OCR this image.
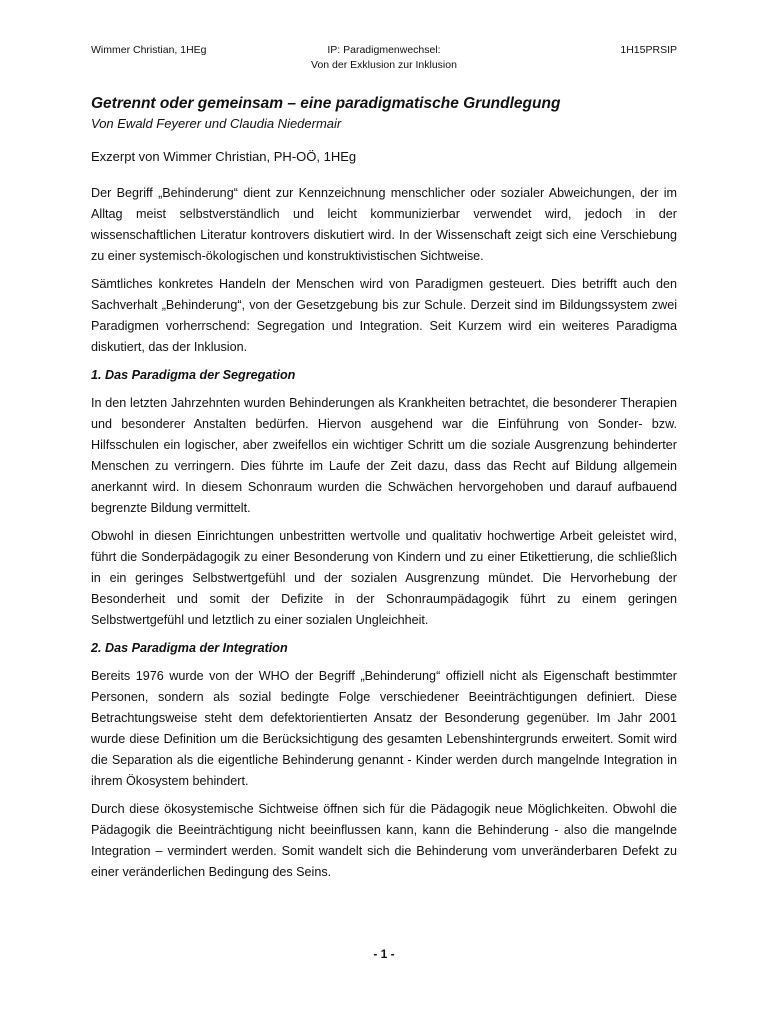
Wimmer Christian, 1HEg	IP: Paradigmenwechsel:
Von der Exklusion zur Inklusion
1H15PRSIP
Getrennt oder gemeinsam – eine paradigmatische Grundlegung
Von Ewald Feyerer und Claudia Niedermair
Exzerpt von Wimmer Christian, PH-OÖ, 1HEg

Der Begriff „Behinderung“ dient zur Kennzeichnung menschlicher oder sozialer Abweichungen, der im Alltag meist selbstverständlich und leicht kommunizierbar verwendet wird, jedoch in der wissenschaftlichen Literatur kontrovers diskutiert wird. In der Wissenschaft zeigt sich eine Verschiebung zu einer systemisch-ökologischen und konstruktivistischen Sichtweise.

Sämtliches konkretes Handeln der Menschen wird von Paradigmen gesteuert. Dies betrifft auch den Sachverhalt „Behinderung“, von der Gesetzgebung bis zur Schule. Derzeit sind im Bildungssystem zwei Paradigmen vorherrschend: Segregation und Integration. Seit Kurzem wird ein weiteres Paradigma diskutiert, das der Inklusion.

1. Das Paradigma der Segregation

In den letzten Jahrzehnten wurden Behinderungen als Krankheiten betrachtet, die besonderer Therapien und besonderer Anstalten bedürfen. Hiervon ausgehend war die Einführung von Sonder- bzw. Hilfsschulen ein logischer, aber zweifellos ein wichtiger Schritt um die soziale Ausgrenzung behinderter Menschen zu verringern. Dies führte im Laufe der Zeit dazu, dass das Recht auf Bildung allgemein anerkannt wird. In diesem Schonraum wurden die Schwächen hervorgehoben und darauf aufbauend begrenzte Bildung vermittelt.

Obwohl in diesen Einrichtungen unbestritten wertvolle und qualitativ hochwertige Arbeit geleistet wird, führt die Sonderpädagogik zu einer Besonderung von Kindern und zu einer Etikettierung, die schließlich in ein geringes Selbstwertgefühl und der sozialen Ausgrenzung mündet. Die Hervorhebung der Besonderheit und somit der Defizite in der Schonraumpädagogik führt zu einem geringen Selbstwertgefühl und letztlich zu einer sozialen Ungleichheit.

2. Das Paradigma der Integration

Bereits 1976 wurde von der WHO der Begriff „Behinderung“ offiziell nicht als Eigenschaft bestimmter Personen, sondern als sozial bedingte Folge verschiedener Beeinträchtigungen definiert. Diese Betrachtungsweise steht dem defektorientierten Ansatz der Besonderung gegenüber. Im Jahr 2001 wurde diese Definition um die Berücksichtigung des gesamten Lebenshintergrunds erweitert. Somit wird die Separation als die eigentliche Behinderung genannt - Kinder werden durch mangelnde Integration in ihrem Ökosystem behindert.

Durch diese ökosystemische Sichtweise öffnen sich für die Pädagogik neue Möglichkeiten. Obwohl die Pädagogik die Beeinträchtigung nicht beeinflussen kann, kann die Behinderung - also die mangelnde Integration – vermindert werden. Somit wandelt sich die Behinderung vom unveränderbaren Defekt zu einer veränderlichen Bedingung des Seins.

- 1 -
